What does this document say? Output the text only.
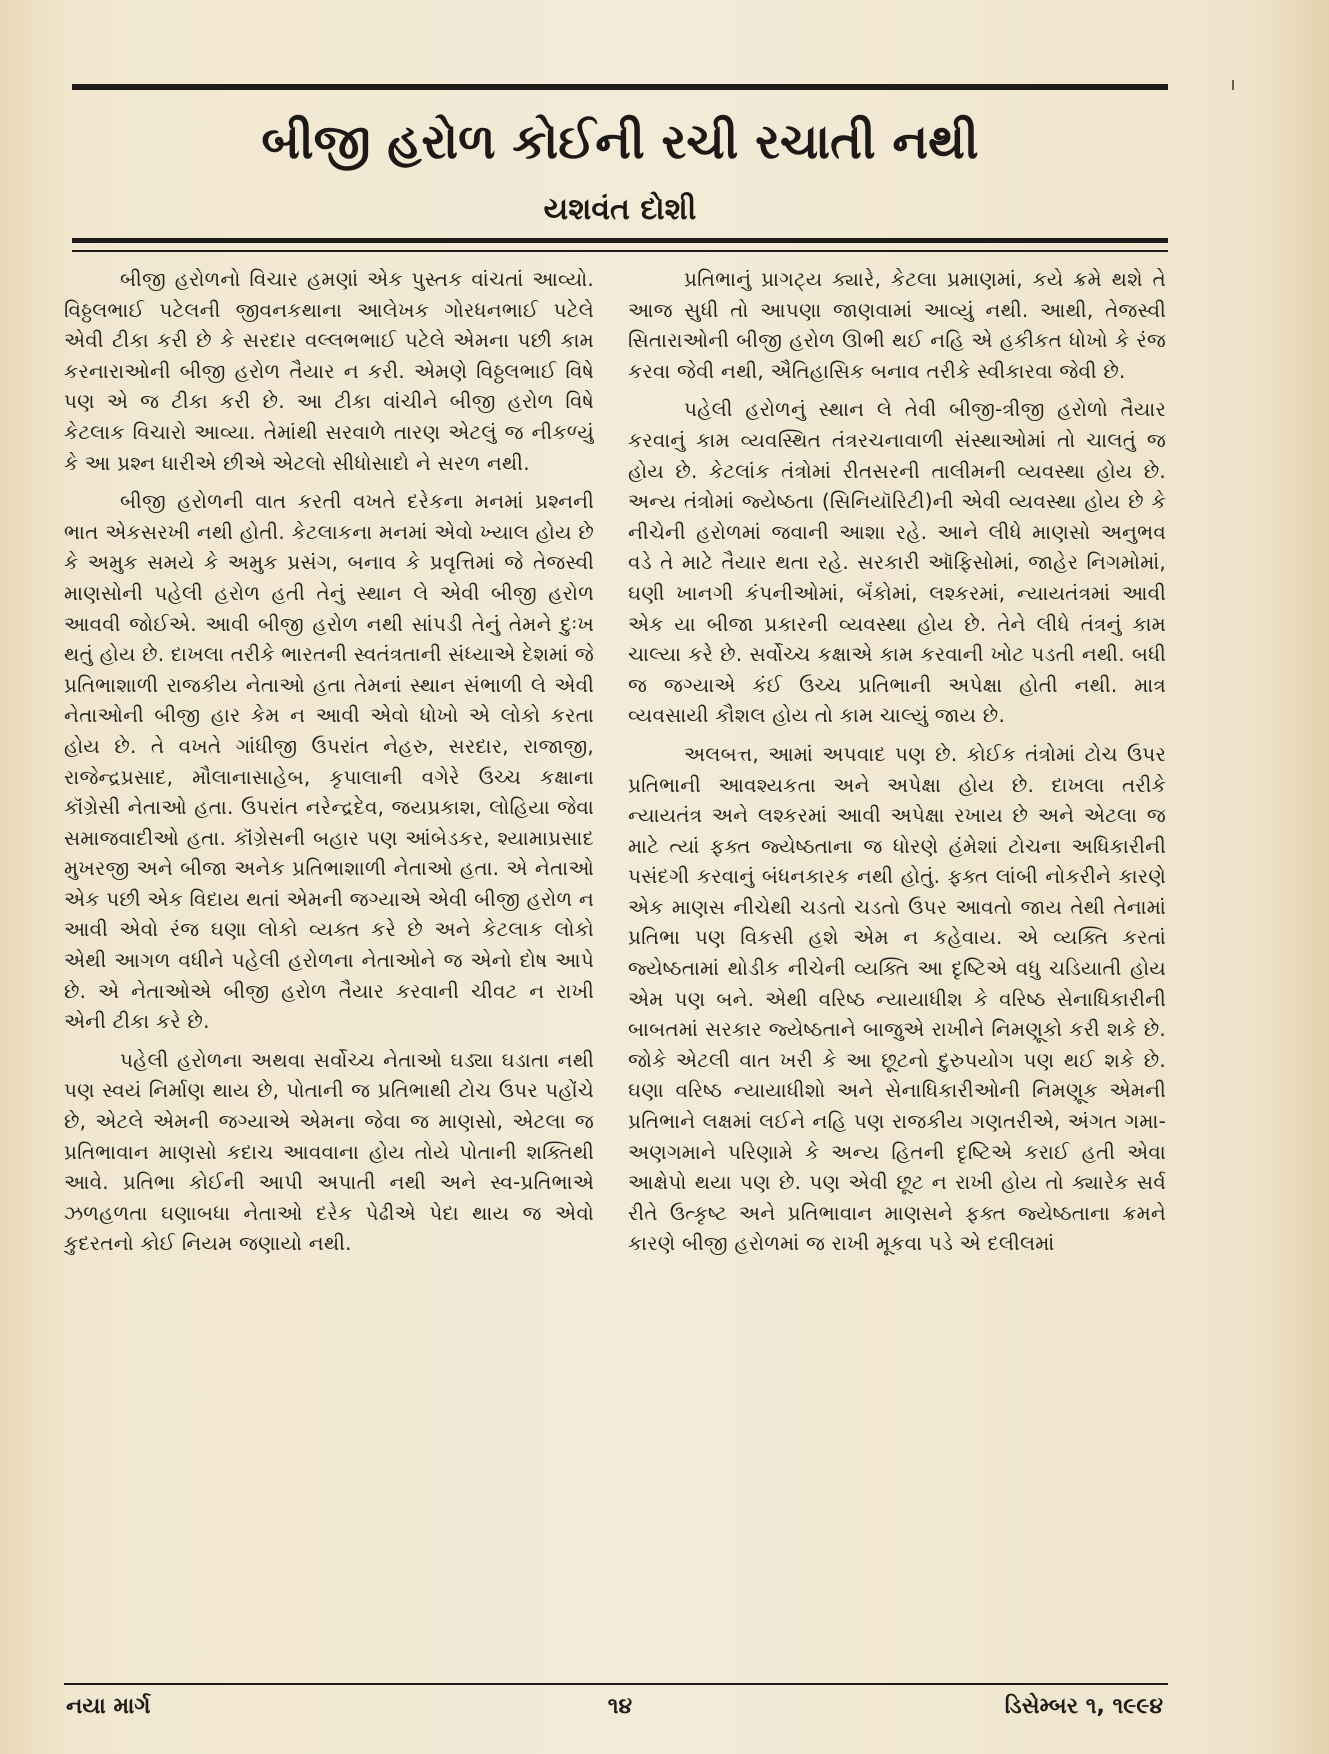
બીજી હરોળ કોઈની રચી રચાતી નથી
યશવંત દોશી

બીજી હરોળનો વિચાર હમણાં એક પુસ્તક વાંચતાં આવ્યો. વિઠ્ઠલભાઈ પટેલની જીવનકથાના આલેખક ગોરધનભાઈ પટેલે એવી ટીકા કરી છે કે સરદાર વલ્લભભાઈ પટેલે એમના પછી કામ કરનારાઓની બીજી હરોળ તૈયાર ન કરી. એમણે વિઠ્ઠલભાઈ વિષે પણ એ જ ટીકા કરી છે. આ ટીકા વાંચીને બીજી હરોળ વિષે કેટલાક વિચારો આવ્યા. તેમાંથી સરવાળે તારણ એટલું જ નીકળ્યું કે આ પ્રશ્ન ધારીએ છીએ એટલો સીધોસાદો ને સરળ નથી.

બીજી હરોળની વાત કરતી વખતે દરેકના મનમાં પ્રશ્નની ભાત એકસરખી નથી હોતી. કેટલાકના મનમાં એવો ખ્યાલ હોય છે કે અમુક સમયે કે અમુક પ્રસંગ, બનાવ કે પ્રવૃત્તિમાં જે તેજસ્વી માણસોની પહેલી હરોળ હતી તેનું સ્થાન લે એવી બીજી હરોળ આવવી જોઈએ. આવી બીજી હરોળ નથી સાંપડી તેનું તેમને દુઃખ થતું હોય છે. દાખલા તરીકે ભારતની સ્વતંત્રતાની સંધ્યાએ દેશમાં જે પ્રતિભાશાળી રાજકીય નેતાઓ હતા તેમનાં સ્થાન સંભાળી લે એવી નેતાઓની બીજી હાર કેમ ન આવી એવો ધોખો એ લોકો કરતા હોય છે. તે વખતે ગાંધીજી ઉપરાંત નેહરુ, સરદાર, રાજાજી, રાજેન્દ્રપ્રસાદ, મૌલાનાસાહેબ, કૃપાલાની વગેરે ઉચ્ચ કક્ષાના કૉંગ્રેસી નેતાઓ હતા. ઉપરાંત નરેન્દ્રદેવ, જયપ્રકાશ, લોહિયા જેવા સમાજવાદીઓ હતા. કૉંગ્રેસની બહાર પણ આંબેડકર, શ્યામાપ્રસાદ મુખરજી અને બીજા અનેક પ્રતિભાશાળી નેતાઓ હતા. એ નેતાઓ એક પછી એક વિદાય થતાં એમની જગ્યાએ એવી બીજી હરોળ ન આવી એવો રંજ ઘણા લોકો વ્યક્ત કરે છે અને કેટલાક લોકો એથી આગળ વધીને પહેલી હરોળના નેતાઓને જ એનો દોષ આપે છે. એ નેતાઓએ બીજી હરોળ તૈયાર કરવાની ચીવટ ન રાખી એની ટીકા કરે છે.

પહેલી હરોળના અથવા સર્વોચ્ચ નેતાઓ ઘડ્યા ઘડાતા નથી પણ સ્વયં નિર્માણ થાય છે, પોતાની જ પ્રતિભાથી ટોચ ઉપર પહોંચે છે, એટલે એમની જગ્યાએ એમના જેવા જ માણસો, એટલા જ પ્રતિભાવાન માણસો કદાચ આવવાના હોય તોયે પોતાની શક્તિથી આવે. પ્રતિભા કોઈની આપી અપાતી નથી અને સ્વ-પ્રતિભાએ ઝળહળતા ઘણાબધા નેતાઓ દરેક પેઢીએ પેદા થાય જ એવો કુદરતનો કોઈ નિયમ જણાયો નથી.

પ્રતિભાનું પ્રાગટ્ય ક્યારે, કેટલા પ્રમાણમાં, કયે ક્રમે થશે તે આજ સુધી તો આપણા જાણવામાં આવ્યું નથી. આથી, તેજસ્વી સિતારાઓની બીજી હરોળ ઊભી થઈ નહિ એ હકીકત ધોખો કે રંજ કરવા જેવી નથી, ઐતિહાસિક બનાવ તરીકે સ્વીકારવા જેવી છે.

પહેલી હરોળનું સ્થાન લે તેવી બીજી-ત્રીજી હરોળો તૈયાર કરવાનું કામ વ્યવસ્થિત તંત્રરચનાવાળી સંસ્થાઓમાં તો ચાલતું જ હોય છે. કેટલાંક તંત્રોમાં રીતસરની તાલીમની વ્યવસ્થા હોય છે. અન્ય તંત્રોમાં જ્યેષ્ઠતા (સિનિયૉરિટી)ની એવી વ્યવસ્થા હોય છે કે નીચેની હરોળમાં જવાની આશા રહે. આને લીધે માણસો અનુભવ વડે તે માટે તૈયાર થતા રહે. સરકારી ઑફિસોમાં, જાહેર નિગમોમાં, ઘણી ખાનગી કંપનીઓમાં, બૅંકોમાં, લશ્કરમાં, ન્યાયતંત્રમાં આવી એક યા બીજા પ્રકારની વ્યવસ્થા હોય છે. તેને લીધે તંત્રનું કામ ચાલ્યા કરે છે. સર્વોચ્ચ કક્ષાએ કામ કરવાની ખોટ પડતી નથી. બધી જ જગ્યાએ કંઈ ઉચ્ચ પ્રતિભાની અપેક્ષા હોતી નથી. માત્ર વ્યવસાયી કૌશલ હોય તો કામ ચાલ્યું જાય છે.

અલબત્ત, આમાં અપવાદ પણ છે. કોઈક તંત્રોમાં ટોચ ઉપર પ્રતિભાની આવશ્યકતા અને અપેક્ષા હોય છે. દાખલા તરીકે ન્યાયતંત્ર અને લશ્કરમાં આવી અપેક્ષા રખાય છે અને એટલા જ માટે ત્યાં ફક્ત જ્યેષ્ઠતાના જ ધોરણે હંમેશાં ટોચના અધિકારીની પસંદગી કરવાનું બંધનકારક નથી હોતું. ફક્ત લાંબી નોકરીને કારણે એક માણસ નીચેથી ચડતો ચડતો ઉપર આવતો જાય તેથી તેનામાં પ્રતિભા પણ વિકસી હશે એમ ન કહેવાય. એ વ્યક્તિ કરતાં જ્યેષ્ઠતામાં થોડીક નીચેની વ્યક્તિ આ દૃષ્ટિએ વધુ ચડિયાતી હોય એમ પણ બને. એથી વરિષ્ઠ ન્યાયાધીશ કે વરિષ્ઠ સેનાધિકારીની બાબતમાં સરકાર જ્યેષ્ઠતાને બાજુએ રાખીને નિમણૂકો કરી શકે છે. જોકે એટલી વાત ખરી કે આ છૂટનો દુરુપયોગ પણ થઈ શકે છે. ઘણા વરિષ્ઠ ન્યાયાધીશો અને સેનાધિકારીઓની નિમણૂક એમની પ્રતિભાને લક્ષમાં લઈને નહિ પણ રાજકીય ગણતરીએ, અંગત ગમા-અણગમાને પરિણામે કે અન્ય હિતની દૃષ્ટિએ કરાઈ હતી એવા આક્ષેપો થયા પણ છે. પણ એવી છૂટ ન રાખી હોય તો ક્યારેક સર્વ રીતે ઉત્કૃષ્ટ અને પ્રતિભાવાન માણસને ફક્ત જ્યેષ્ઠતાના ક્રમને કારણે બીજી હરોળમાં જ રાખી મૂકવા પડે એ દલીલમાં

નયા માર્ગ	૧૪	ડિસેમ્બર ૧, ૧૯૯૪
